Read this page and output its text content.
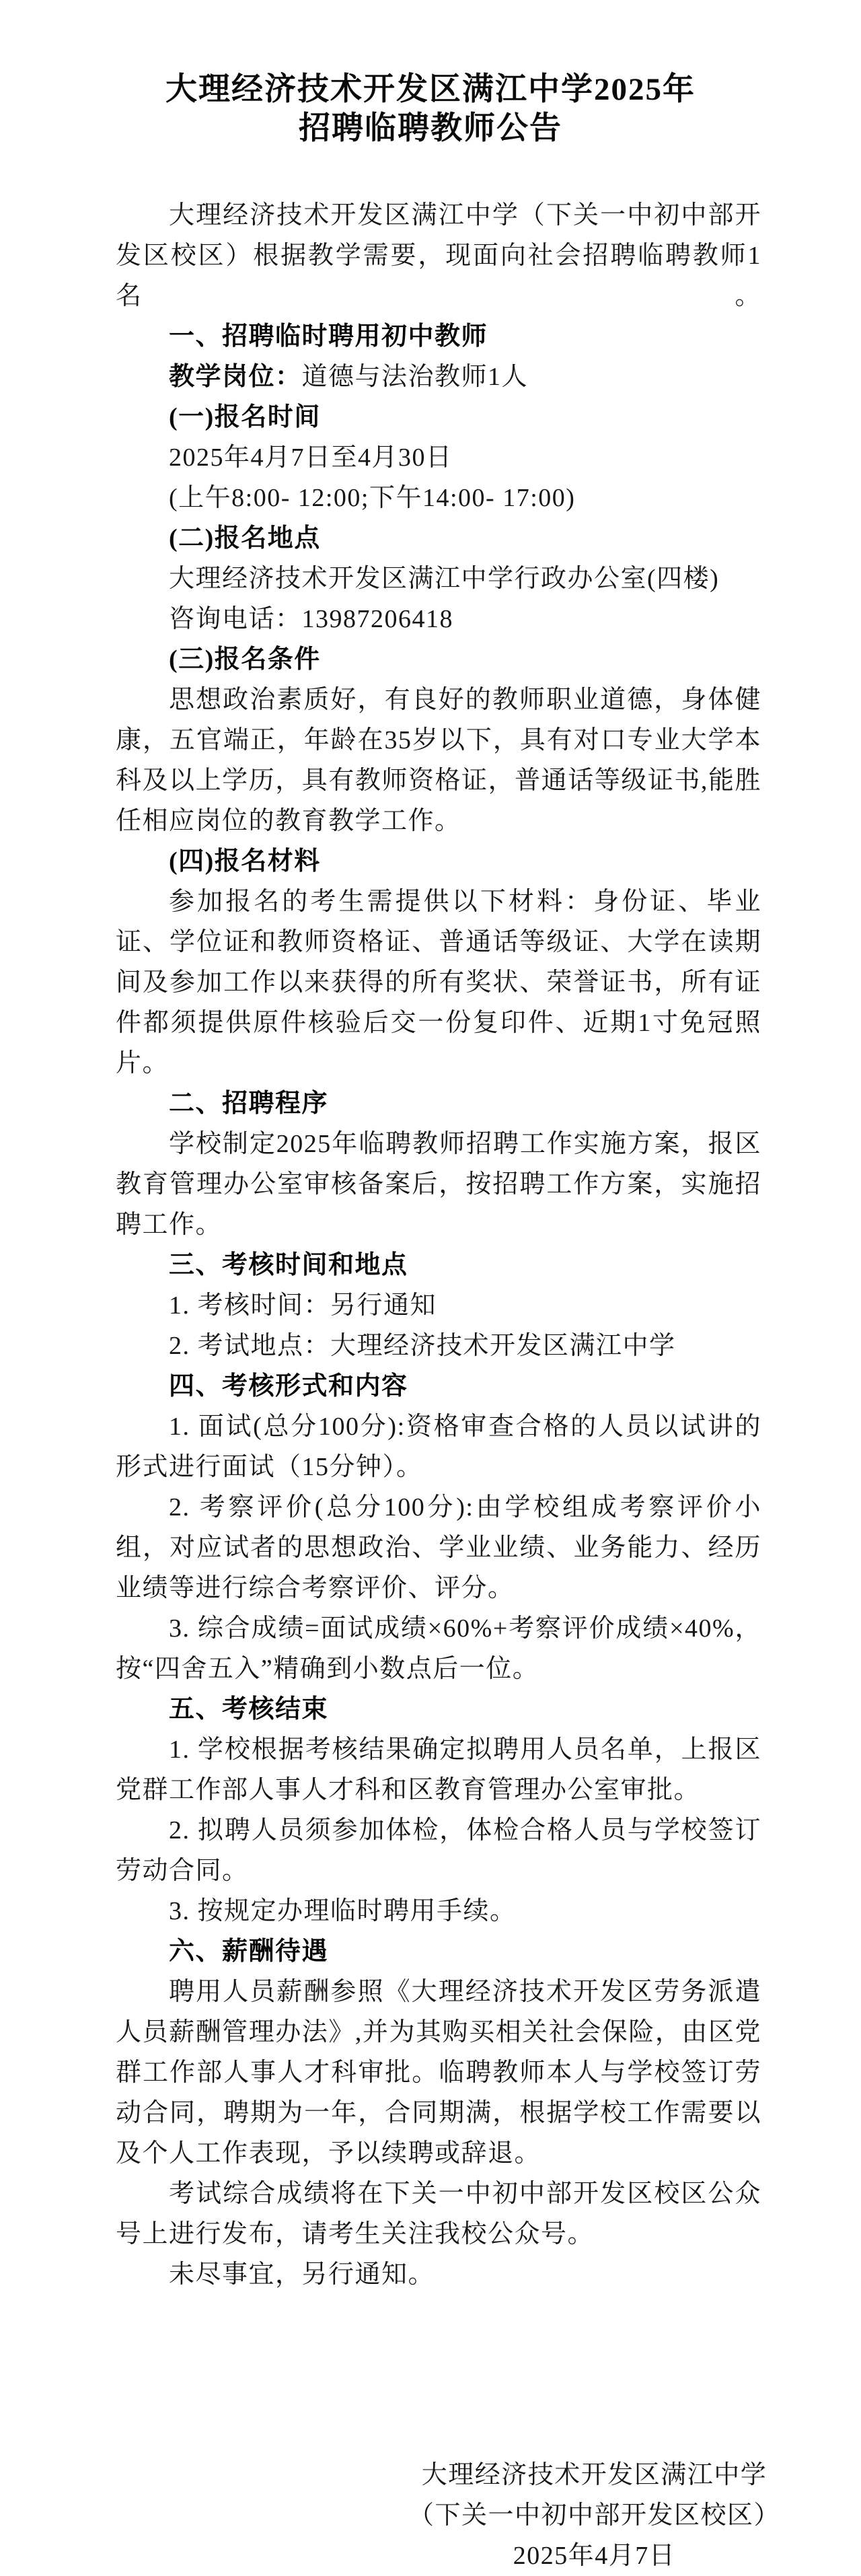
大理经济技术开发区满江中学2025年
招聘临聘教师公告

大理经济技术开发区满江中学（下关一中初中部开发区校区）根据教学需要，现面向社会招聘临聘教师1名。

一、招聘临时聘用初中教师

教学岗位：道德与法治教师1人

(一)报名时间

2025年4月7日至4月30日

(上午8:00- 12:00;下午14:00- 17:00)

(二)报名地点

大理经济技术开发区满江中学行政办公室(四楼)

咨询电话：13987206418

(三)报名条件

思想政治素质好，有良好的教师职业道德，身体健康，五官端正，年龄在35岁以下，具有对口专业大学本科及以上学历，具有教师资格证，普通话等级证书,能胜任相应岗位的教育教学工作。

(四)报名材料

参加报名的考生需提供以下材料：身份证、毕业证、学位证和教师资格证、普通话等级证、大学在读期间及参加工作以来获得的所有奖状、荣誉证书，所有证件都须提供原件核验后交一份复印件、近期1寸免冠照片。

二、招聘程序

学校制定2025年临聘教师招聘工作实施方案，报区教育管理办公室审核备案后，按招聘工作方案，实施招聘工作。

三、考核时间和地点

1. 考核时间：另行通知

2. 考试地点：大理经济技术开发区满江中学

四、考核形式和内容

1. 面试(总分100分):资格审查合格的人员以试讲的形式进行面试（15分钟）。

2. 考察评价(总分100分):由学校组成考察评价小组，对应试者的思想政治、学业业绩、业务能力、经历业绩等进行综合考察评价、评分。

3. 综合成绩=面试成绩×60%+考察评价成绩×40%，按“四舍五入”精确到小数点后一位。

五、考核结束

1. 学校根据考核结果确定拟聘用人员名单，上报区党群工作部人事人才科和区教育管理办公室审批。

2. 拟聘人员须参加体检，体检合格人员与学校签订劳动合同。

3. 按规定办理临时聘用手续。

六、薪酬待遇

聘用人员薪酬参照《大理经济技术开发区劳务派遣人员薪酬管理办法》,并为其购买相关社会保险，由区党群工作部人事人才科审批。临聘教师本人与学校签订劳动合同，聘期为一年，合同期满，根据学校工作需要以及个人工作表现，予以续聘或辞退。

考试综合成绩将在下关一中初中部开发区校区公众号上进行发布，请考生关注我校公众号。

未尽事宜，另行通知。

大理经济技术开发区满江中学
（下关一中初中部开发区校区）
2025年4月7日
